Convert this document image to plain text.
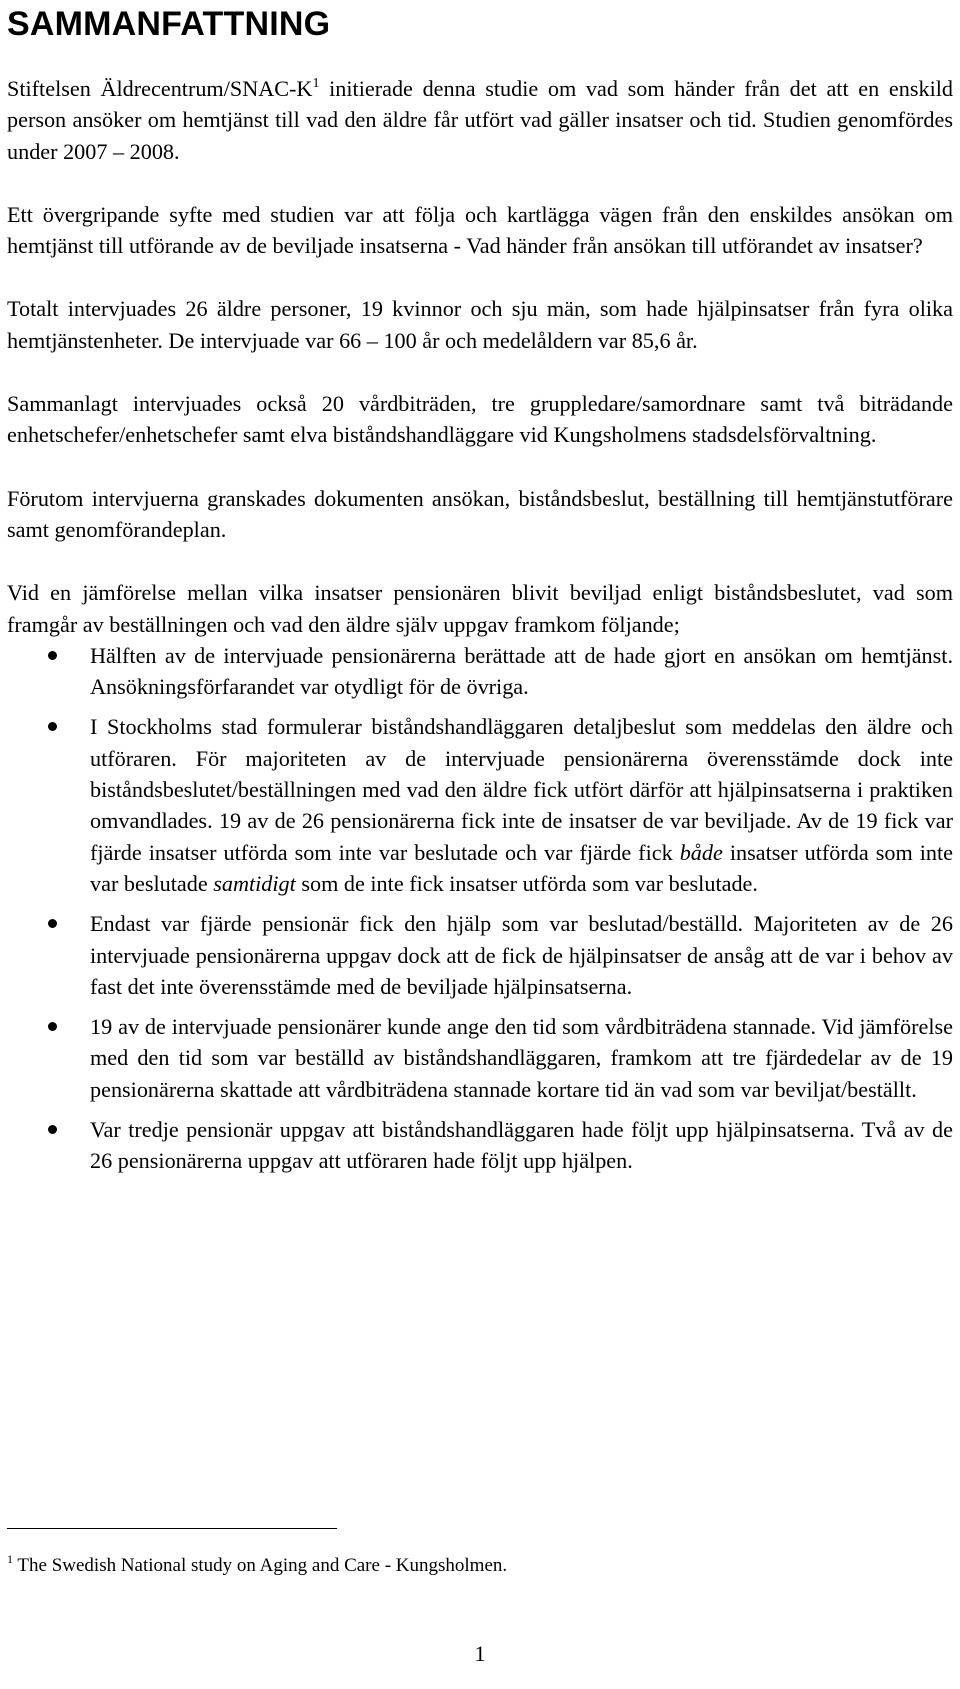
SAMMANFATTNING

Stiftelsen Äldrecentrum/$SNAC-K^1$ initierade denna studie om vad som händer från det att en enskild person ansöker om hemtjänst till vad den äldre får utfört vad gäller insatser och tid. Studien genomfördes under 2007 – 2008.

Ett övergripande syfte med studien var att följa och kartlägga vägen från den enskildes ansökan om hemtjänst till utförande av de beviljade insatserna - Vad händer från ansökan till utförandet av insatser?

Totalt intervjuades 26 äldre personer, 19 kvinnor och sju män, som hade hjälpinsatser från fyra olika hemtjänstenheter. De intervjuade var 66 – 100 år och medelåldern var 85,6 år.

Sammanlagt intervjuades också 20 vårdbiträden, tre gruppledare/samordnare samt två biträdande enhetschefer/enhetschefer samt elva biståndshandläggare vid Kungsholmens stadsdelsförvaltning.

Förutom intervjuerna granskades dokumenten ansökan, biståndsbeslut, beställning till hemtjänstutförare samt genomförandeplan.

Vid en jämförelse mellan vilka insatser pensionären blivit beviljad enligt biståndsbeslutet, vad som framgår av beställningen och vad den äldre själv uppgav framkom följande;

Hälften av de intervjuade pensionärerna berättade att de hade gjort en ansökan om hemtjänst. Ansökningsförfarandet var otydligt för de övriga.
I Stockholms stad formulerar biståndshandläggaren detaljbeslut som meddelas den äldre och utföraren. För majoriteten av de intervjuade pensionärerna överensstämde dock inte biståndsbeslutet/beställningen med vad den äldre fick utfört därför att hjälpinsatserna i praktiken omvandlades. 19 av de 26 pensionärerna fick inte de insatser de var beviljade. Av de 19 fick var fjärde insatser utförda som inte var beslutade och var fjärde fick både insatser utförda som inte var beslutade samtidigt som de inte fick insatser utförda som var beslutade.
Endast var fjärde pensionär fick den hjälp som var beslutad/beställd. Majoriteten av de 26 intervjuade pensionärerna uppgav dock att de fick de hjälpinsatser de ansåg att de var i behov av fast det inte överensstämde med de beviljade hjälpinsatserna.
19 av de intervjuade pensionärer kunde ange den tid som vårdbiträdena stannade. Vid jämförelse med den tid som var beställd av biståndshandläggaren, framkom att tre fjärdedelar av de 19 pensionärerna skattade att vårdbiträdena stannade kortare tid än vad som var beviljat/beställt.
Var tredje pensionär uppgav att biståndshandläggaren hade följt upp hjälpinsatserna. Två av de 26 pensionärerna uppgav att utföraren hade följt upp hjälpen.
$^1$ The Swedish National study on Aging and Care - Kungsholmen.
1
